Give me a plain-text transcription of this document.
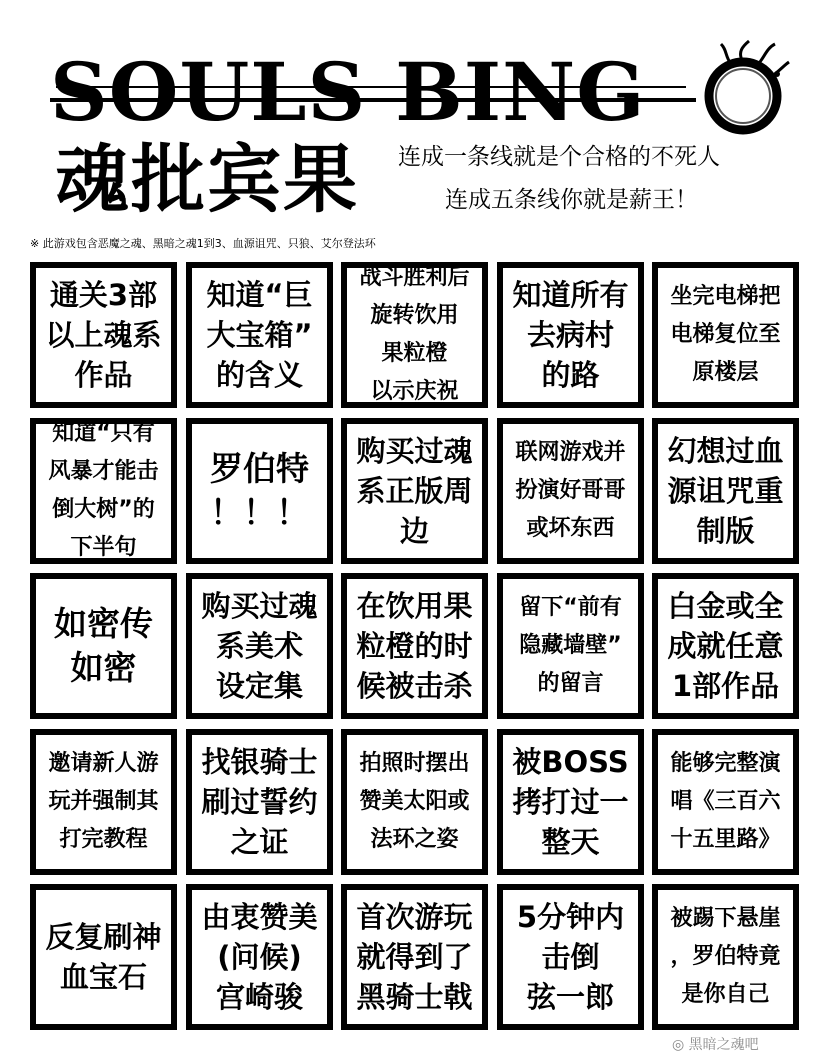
SOULS BING
魂批宾果 连成一条线就是个合格的不死人
连成五条线你就是薪王！
※ 此游戏包含恶魔之魂、黑暗之魂1到3、血源诅咒、只狼、艾尔登法环
通关3部
以上魂系
作品
知道“巨
大宝箱”
的含义
战斗胜利后
旋转饮用
果粒橙
以示庆祝
知道所有
去病村
的路
坐完电梯把
电梯复位至
原楼层
知道“只有
风暴才能击
倒大树”的
下半句
罗伯特
！！！
购买过魂
系正版周
边
联网游戏并
扮演好哥哥
或坏东西
幻想过血
源诅咒重
制版
如密传
如密
购买过魂
系美术
设定集
在饮用果
粒橙的时
候被击杀
留下“前有
隐藏墙壁”
的留言
白金或全
成就任意
1部作品
邀请新人游
玩并强制其
打完教程
找银骑士
刷过誓约
之证
拍照时摆出
赞美太阳或
法环之姿
被BOSS
拷打过一
整天
能够完整演
唱《三百六
十五里路》
反复刷神
血宝石
由衷赞美
(问候)
宫崎骏
首次游玩
就得到了
黑骑士戟
5分钟内
击倒
弦一郎
被踢下悬崖
，罗伯特竟
是你自己
◎ 黑暗之魂吧
